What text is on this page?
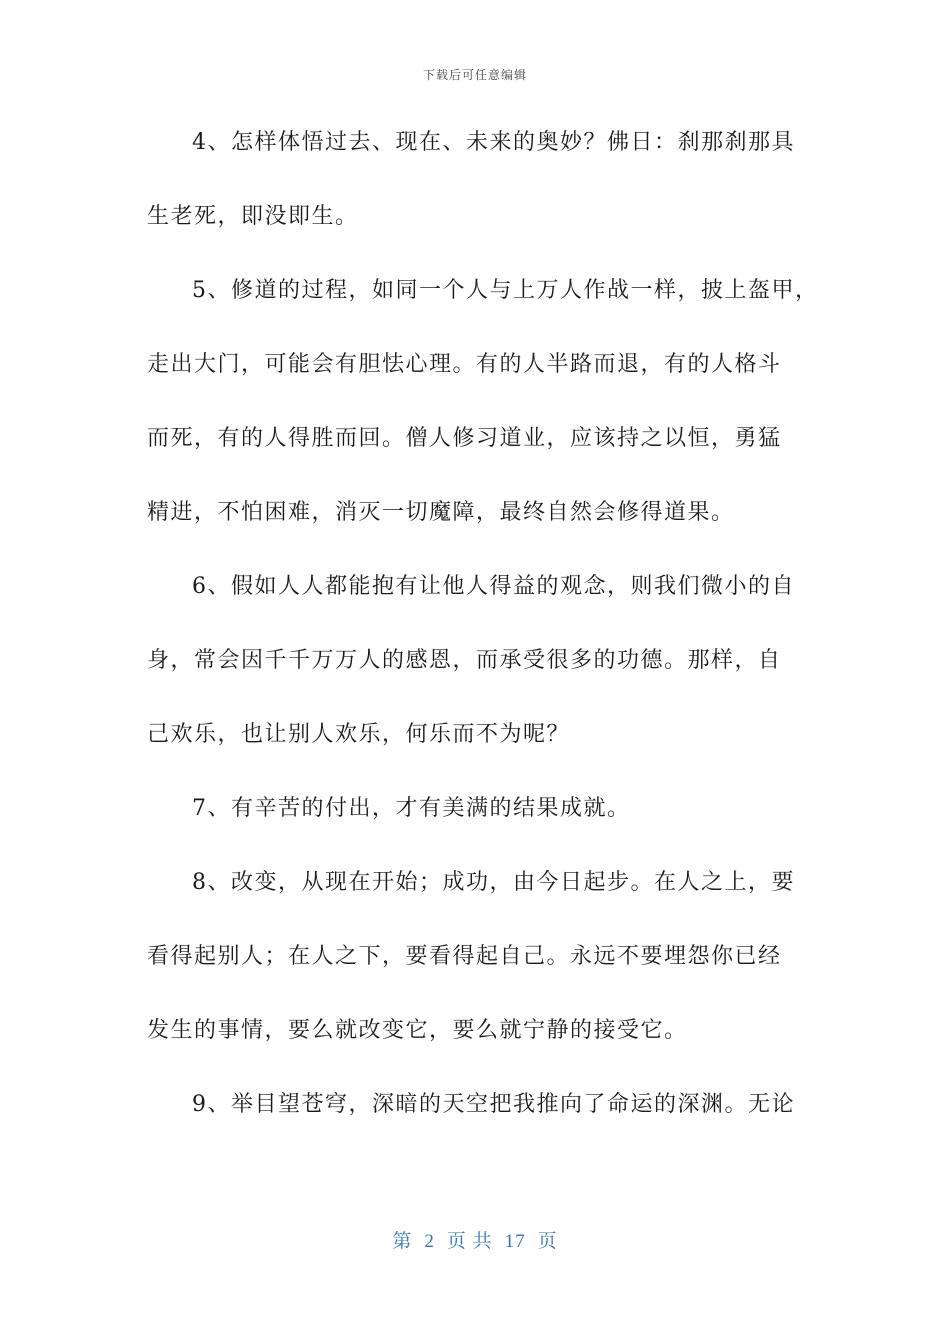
下载后可任意编辑
4、怎样体悟过去、现在、未来的奥妙？佛日：刹那刹那具
生老死，即没即生。
5、修道的过程，如同一个人与上万人作战一样，披上盔甲，
走出大门，可能会有胆怯心理。有的人半路而退，有的人格斗
而死，有的人得胜而回。僧人修习道业，应该持之以恒，勇猛
精进，不怕困难，消灭一切魔障，最终自然会修得道果。
6、假如人人都能抱有让他人得益的观念，则我们微小的自
身，常会因千千万万人的感恩，而承受很多的功德。那样，自
己欢乐，也让别人欢乐，何乐而不为呢？
7、有辛苦的付出，才有美满的结果成就。
8、改变，从现在开始；成功，由今日起步。在人之上，要
看得起别人；在人之下，要看得起自己。永远不要埋怨你已经
发生的事情，要么就改变它，要么就宁静的接受它。
9、举目望苍穹，深暗的天空把我推向了命运的深渊。无论
第 2 页 共 17 页
